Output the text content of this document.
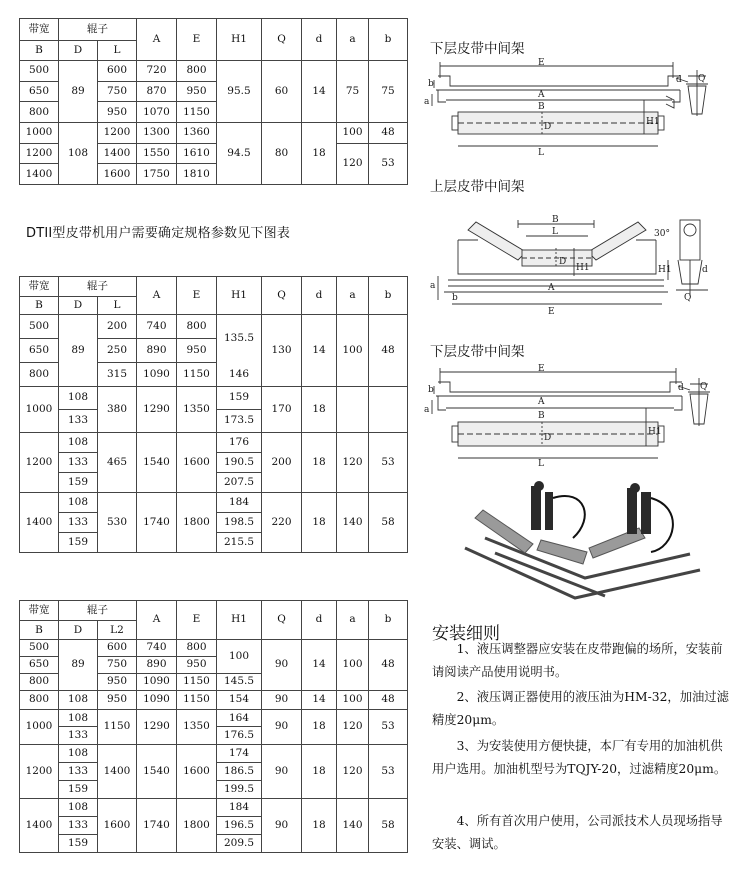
带宽	辊子		A	E	H1	Q	d	a	b
B	D	L							
500	89	600	720	800	95.5	60	14	75	75
650		750	870	950					
800		950	1070	1150					
1000	108	1200	1300	1360	94.5	80	18	100	48
1200		1400	1550	1610				120	53
1400		1600	1750	1810					
DTII型皮带机用户需要确定规格参数见下图表
带宽	辊子		A	E	H1	Q	d	a	b
B	D	L							
500	89	200	740	800	135.5	130	14	100	48

650		250	890	950					

800		315	1090	1150	146				

1000	108	380	1290	1350	159	170	18		
	133				173.5				
1200	108	465	1540	1600	176	200	18	120	53
	133				190.5				
	159				207.5				
1400	108	530	1740	1800	184	220	18	140	58
	133				198.5				
	159				215.5				
带宽	辊子		A	E	H1	Q	d	a	b
B	D	L2							
500	89	600	740	800	100	90	14	100	48
650		750	890	950					
800		950	1090	1150	145.5				
800	108	950	1090	1150	154	90	14	100	48
1000	108	1150	1290	1350	164	90	18	120	53
	133				176.5				
1200	108	1400	1540	1600	174	90	18	120	53
	133				186.5				
	159				199.5				
1400	108	1600	1740	1800	184	90	18	140	58
	133				196.5				
	159				209.5				
下层皮带中间架
E
A
B
L
D	H1
a
b	d Q
上层皮带中间架
B
L
D
H1
A
E
a
b
30°
H1
Q
d
下层皮带中间架
E
A
B
L
D
H1
a
b	d Q
安装细则
1、液压调整器应安装在皮带跑偏的场所，安装前请阅读产品使用说明书。
2、液压调正器使用的液压油为HM-32，加油过滤精度20μm。
3、为安装使用方便快捷，本厂有专用的加油机供用户选用。加油机型号为TQJY-20，过滤精度20μm。
4、所有首次用户使用，公司派技术人员现场指导安装、调试。
